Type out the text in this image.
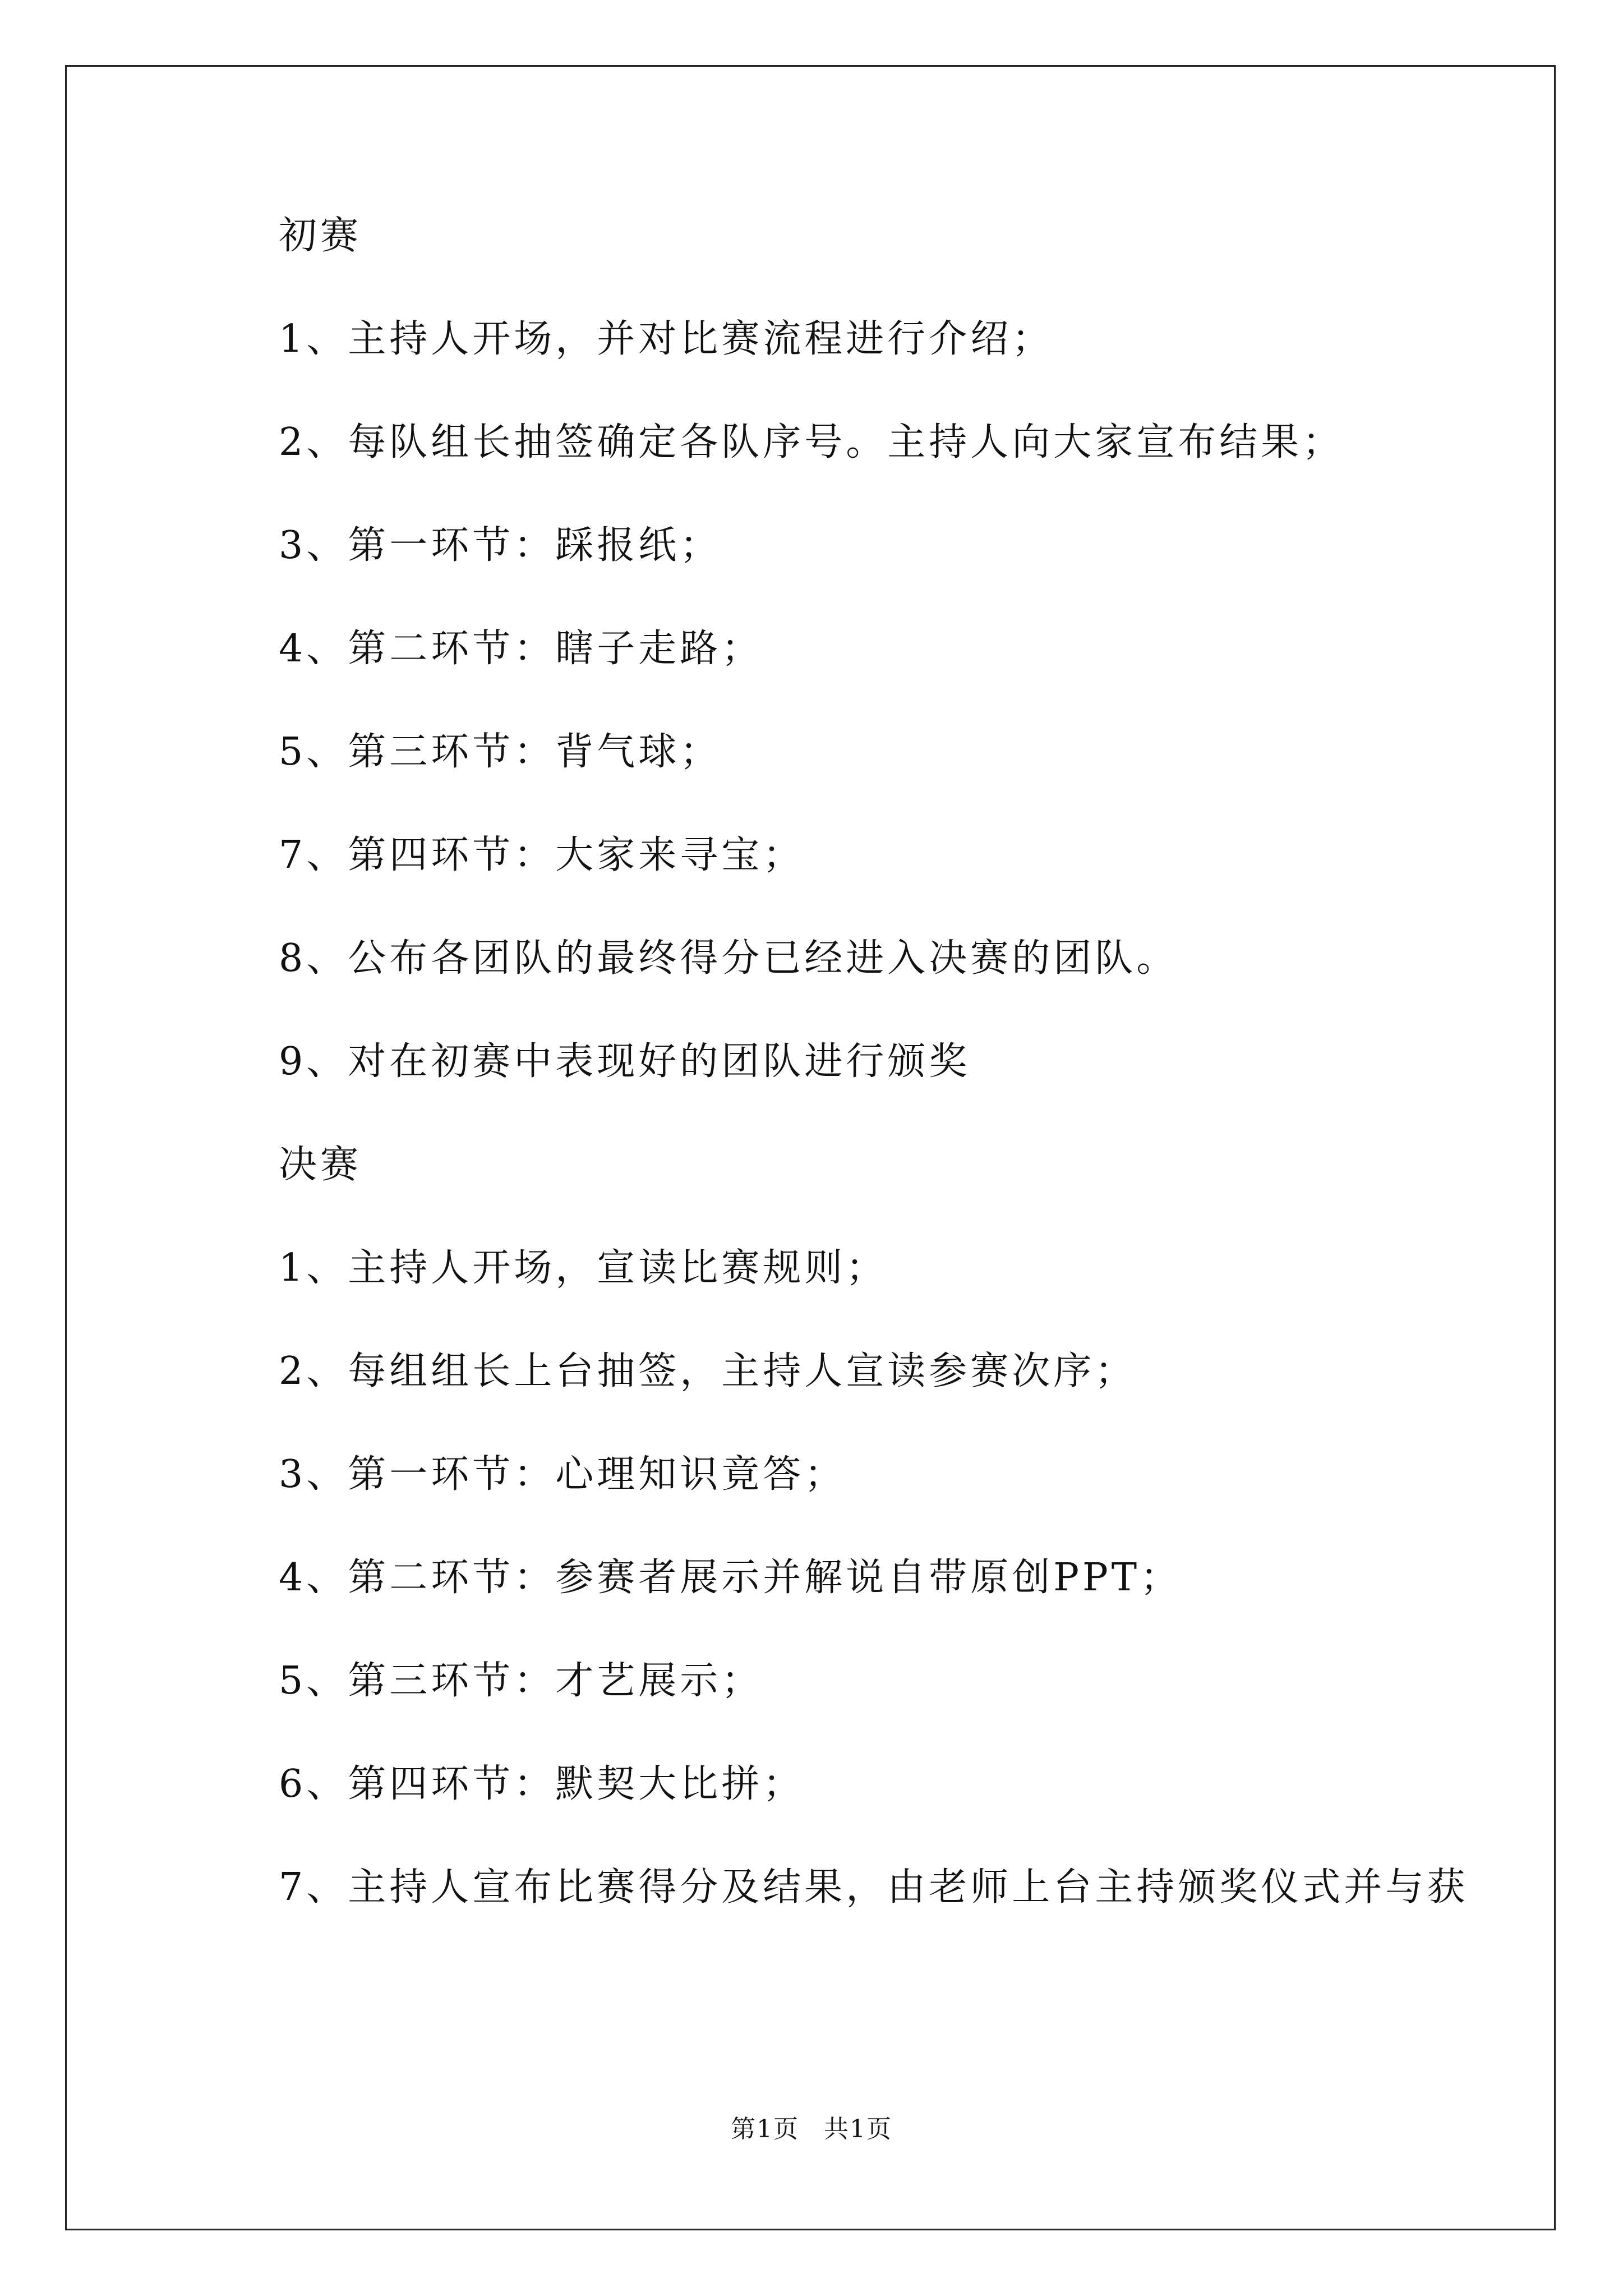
初赛
1、主持人开场，并对比赛流程进行介绍；
2、每队组长抽签确定各队序号。主持人向大家宣布结果；
3、第一环节：踩报纸；
4、第二环节：瞎子走路；
5、第三环节：背气球；
7、第四环节：大家来寻宝；
8、公布各团队的最终得分已经进入决赛的团队。
9、对在初赛中表现好的团队进行颁奖
决赛
1、主持人开场，宣读比赛规则；
2、每组组长上台抽签，主持人宣读参赛次序；
3、第一环节：心理知识竟答；
4、第二环节：参赛者展示并解说自带原创PPT；
5、第三环节：才艺展示；
6、第四环节：默契大比拼；
7、主持人宣布比赛得分及结果，由老师上台主持颁奖仪式并与获
第1页 共1页
